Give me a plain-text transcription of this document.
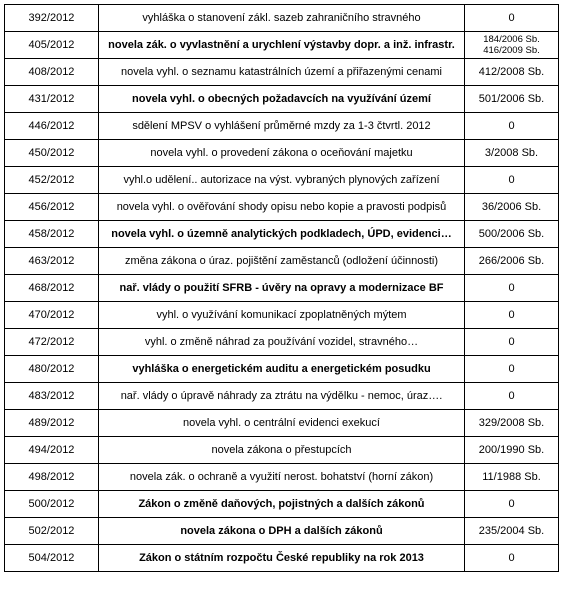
392/2012	vyhláška o stanovení zákl. sazeb zahraničního stravného	0

405/2012	novela zák. o vyvlastnění a urychlení výstavby dopr. a inž. infrastr.	184/2006 Sb.
416/2009 Sb.

408/2012	novela vyhl. o seznamu katastrálních území a přiřazenými cenami	412/2008 Sb.

431/2012	novela vyhl. o obecných požadavcích na využívání území	501/2006 Sb.

446/2012	sdělení MPSV o vyhlášení průměrné mzdy za 1-3 čtvrtl. 2012	0

450/2012	novela vyhl. o provedení zákona o oceňování majetku	3/2008 Sb.

452/2012	vyhl.o udělení.. autorizace na výst. vybraných plynových zařízení	0

456/2012	novela vyhl. o ověřování shody opisu nebo kopie a pravosti podpisů	36/2006 Sb.

458/2012	novela vyhl. o územně analytických podkladech, ÚPD, evidenci…	500/2006 Sb.

463/2012	změna zákona o úraz. pojištění zaměstanců (odložení účinnosti)	266/2006 Sb.

468/2012	nař. vlády o použití SFRB - úvěry na opravy a modernizace BF	0

470/2012	vyhl. o využívání komunikací zpoplatněných mýtem	0

472/2012	vyhl. o změně náhrad za používání vozidel, stravného…	0

480/2012	vyhláška o energetickém auditu a energetickém posudku	0

483/2012	nař. vlády o úpravě náhrady za ztrátu na výdělku - nemoc, úraz….	0

489/2012	novela vyhl. o centrální evidenci exekucí	329/2008 Sb.

494/2012	novela zákona o přestupcích	200/1990 Sb.

498/2012	novela zák. o ochraně a využití nerost. bohatství (horní zákon)	11/1988 Sb.

500/2012	Zákon o změně daňových, pojistných a dalších zákonů	0

502/2012	novela zákona o DPH a dalších zákonů	235/2004 Sb.

504/2012	Zákon o státním rozpočtu České republiky na rok 2013	0
